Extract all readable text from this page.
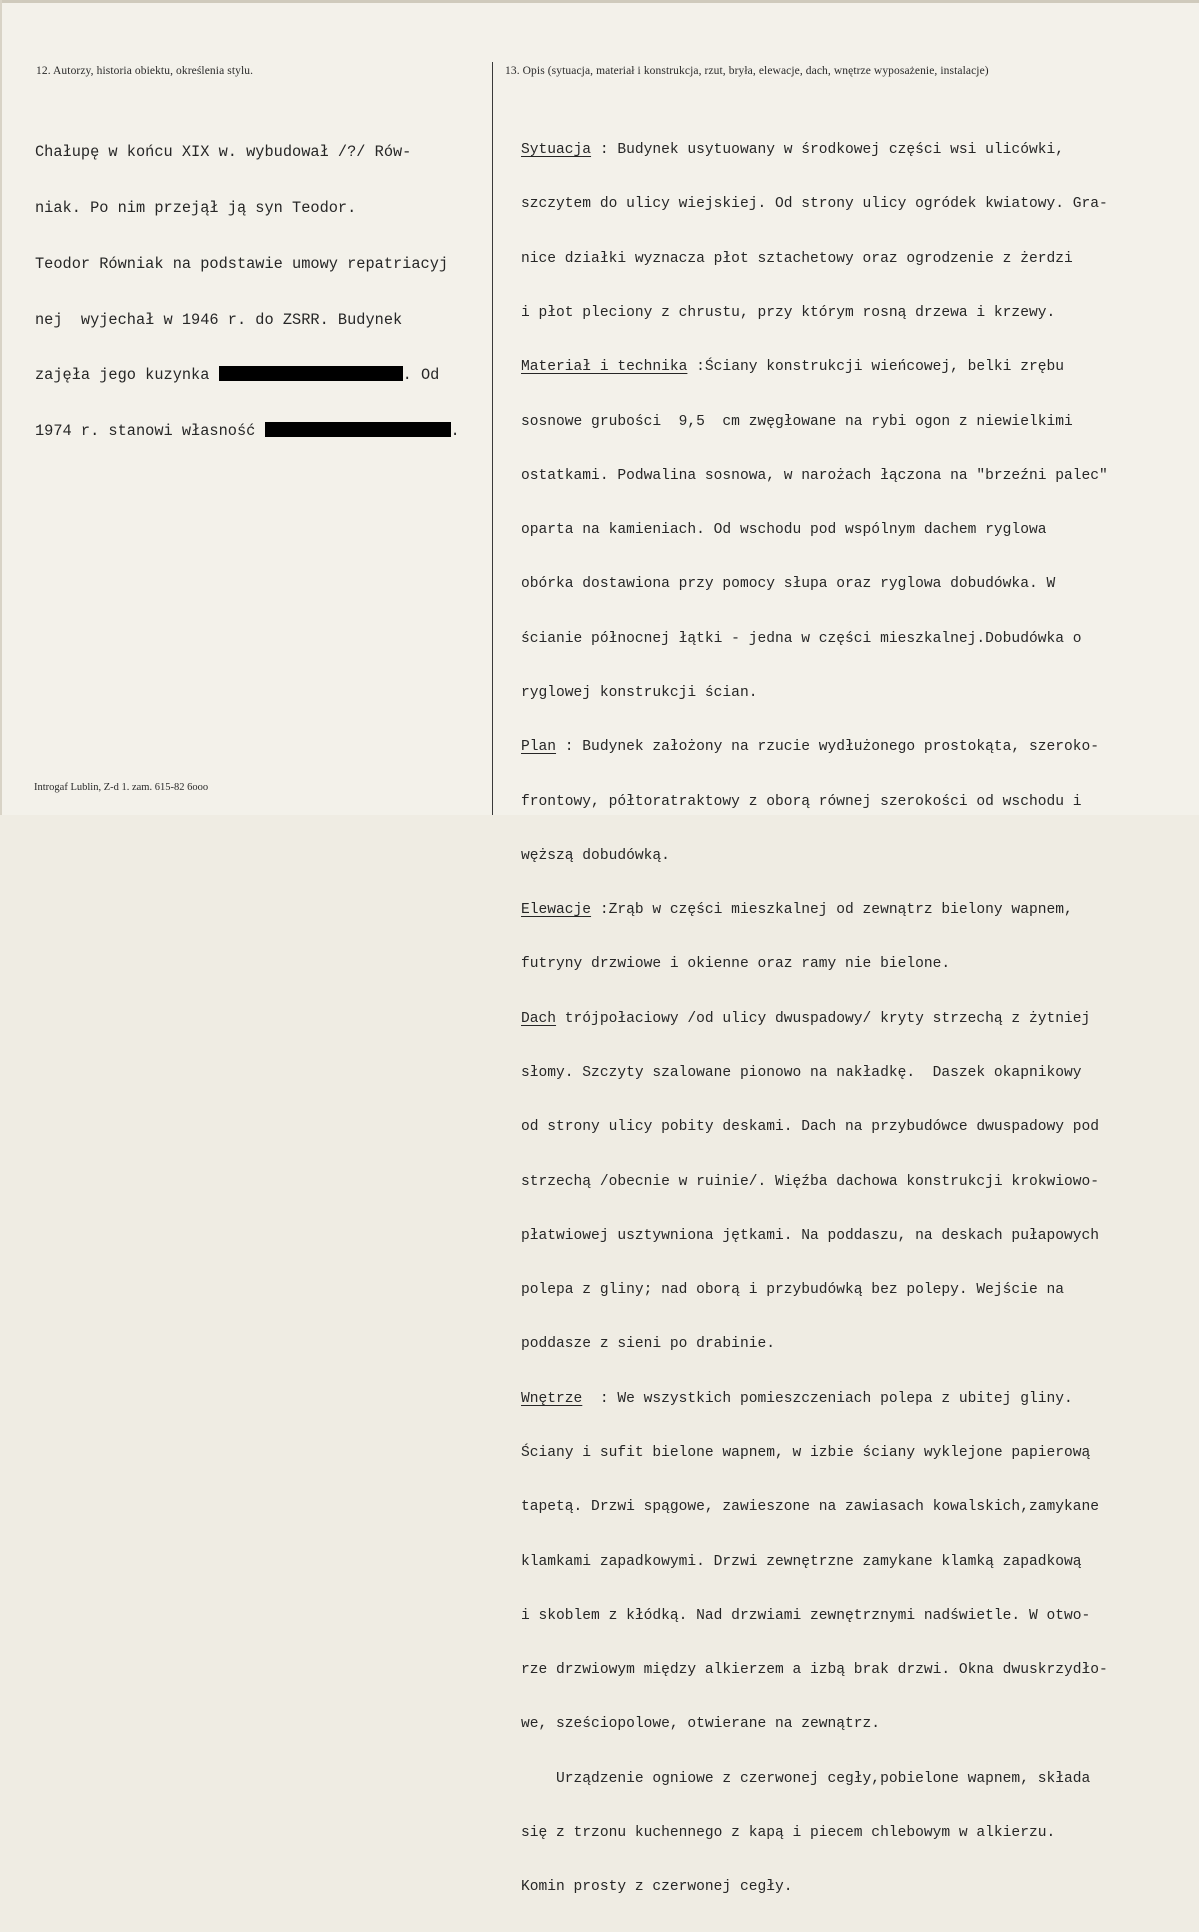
12. Autorzy, historia obiektu, określenia stylu.	13. Opis (sytuacja, materiał i konstrukcja, rzut, bryła, elewacje, dach, wnętrze wyposażenie, instalacje)

Chałupę w końcu XIX w. wybudował /?/ Rów-

niak. Po nim przejął ją syn Teodor.

Teodor Równiak na podstawie umowy repatriacyj

nej  wyjechał w 1946 r. do ZSRR. Budynek

zajęła jego kuzynka	. Od

1974 r. stanowi własność	.

Sytuacja : Budynek usytuowany w środkowej części wsi ulicówki,

szczytem do ulicy wiejskiej. Od strony ulicy ogródek kwiatowy. Gra-

nice działki wyznacza płot sztachetowy oraz ogrodzenie z żerdzi

i płot pleciony z chrustu, przy którym rosną drzewa i krzewy.

Materiał i technika :Ściany konstrukcji wieńcowej, belki zrębu

sosnowe grubości  9,5  cm zwęgłowane na rybi ogon z niewielkimi

ostatkami. Podwalina sosnowa, w narożach łączona na "brzeźni palec"

oparta na kamieniach. Od wschodu pod wspólnym dachem ryglowa

obórka dostawiona przy pomocy słupa oraz ryglowa dobudówka. W

ścianie północnej łątki - jedna w części mieszkalnej.Dobudówka o

ryglowej konstrukcji ścian.

Plan : Budynek założony na rzucie wydłużonego prostokąta, szeroko-

frontowy, półtoratraktowy z oborą równej szerokości od wschodu i

węższą dobudówką.

Elewacje :Zrąb w części mieszkalnej od zewnątrz bielony wapnem,

futryny drzwiowe i okienne oraz ramy nie bielone.

Dach trójpołaciowy /od ulicy dwuspadowy/ kryty strzechą z żytniej

słomy. Szczyty szalowane pionowo na nakładkę.  Daszek okapnikowy

od strony ulicy pobity deskami. Dach na przybudówce dwuspadowy pod

strzechą /obecnie w ruinie/. Więźba dachowa konstrukcji krokwiowo-

płatwiowej usztywniona jętkami. Na poddaszu, na deskach pułapowych

polepa z gliny; nad oborą i przybudówką bez polepy. Wejście na

poddasze z sieni po drabinie.

Wnętrze  : We wszystkich pomieszczeniach polepa z ubitej gliny.

Ściany i sufit bielone wapnem, w izbie ściany wyklejone papierową

tapetą. Drzwi spągowe, zawieszone na zawiasach kowalskich,zamykane

klamkami zapadkowymi. Drzwi zewnętrzne zamykane klamką zapadkową

i skoblem z kłódką. Nad drzwiami zewnętrznymi nadświetle. W otwo-

rze drzwiowym między alkierzem a izbą brak drzwi. Okna dwuskrzydło-

we, sześciopolowe, otwierane na zewnątrz.

Urządzenie ogniowe z czerwonej cegły,pobielone wapnem, składa

się z trzonu kuchennego z kapą i piecem chlebowym w alkierzu.

Komin prosty z czerwonej cegły.

Introgaf Lublin, Z-d 1. zam. 615-82 6ooo
